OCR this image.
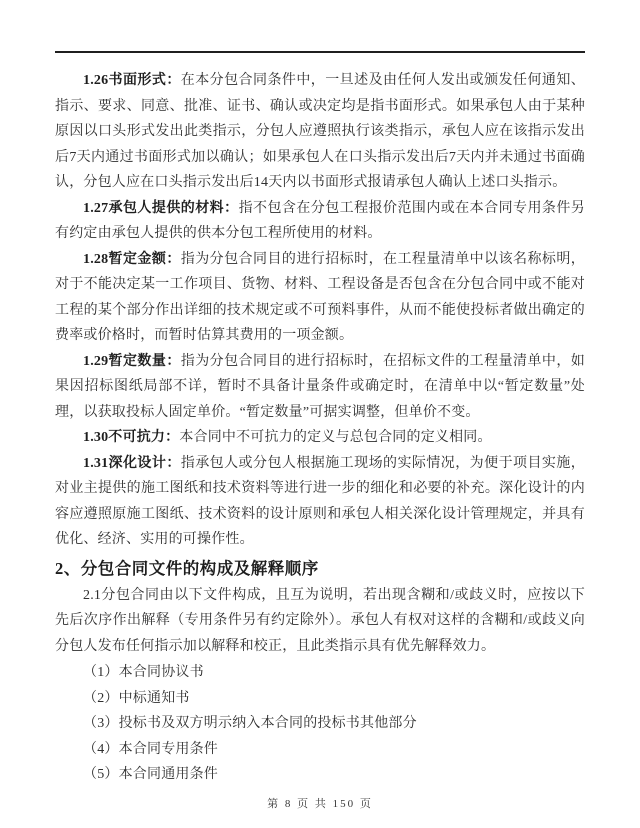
1.26书面形式：在本分包合同条件中，一旦述及由任何人发出或颁发任何通知、指示、要求、同意、批准、证书、确认或决定均是指书面形式。如果承包人由于某种原因以口头形式发出此类指示，分包人应遵照执行该类指示，承包人应在该指示发出后7天内通过书面形式加以确认；如果承包人在口头指示发出后7天内并未通过书面确认，分包人应在口头指示发出后14天内以书面形式报请承包人确认上述口头指示。

1.27承包人提供的材料：指不包含在分包工程报价范围内或在本合同专用条件另有约定由承包人提供的供本分包工程所使用的材料。

1.28暂定金额：指为分包合同目的进行招标时，在工程量清单中以该名称标明，对于不能决定某一工作项目、货物、材料、工程设备是否包含在分包合同中或不能对工程的某个部分作出详细的技术规定或不可预料事件，从而不能使投标者做出确定的费率或价格时，而暂时估算其费用的一项金额。

1.29暂定数量：指为分包合同目的进行招标时，在招标文件的工程量清单中，如果因招标图纸局部不详，暂时不具备计量条件或确定时，在清单中以“暂定数量”处理，以获取投标人固定单价。“暂定数量”可据实调整，但单价不变。

1.30不可抗力：本合同中不可抗力的定义与总包合同的定义相同。

1.31深化设计：指承包人或分包人根据施工现场的实际情况，为便于项目实施，对业主提供的施工图纸和技术资料等进行进一步的细化和必要的补充。深化设计的内容应遵照原施工图纸、技术资料的设计原则和承包人相关深化设计管理规定，并具有优化、经济、实用的可操作性。

2、分包合同文件的构成及解释顺序

2.1分包合同由以下文件构成，且互为说明，若出现含糊和/或歧义时，应按以下先后次序作出解释（专用条件另有约定除外）。承包人有权对这样的含糊和/或歧义向分包人发布任何指示加以解释和校正，且此类指示具有优先解释效力。

（1）本合同协议书
（2）中标通知书
（3）投标书及双方明示纳入本合同的投标书其他部分
（4）本合同专用条件
（5）本合同通用条件
第 8 页 共 150 页
